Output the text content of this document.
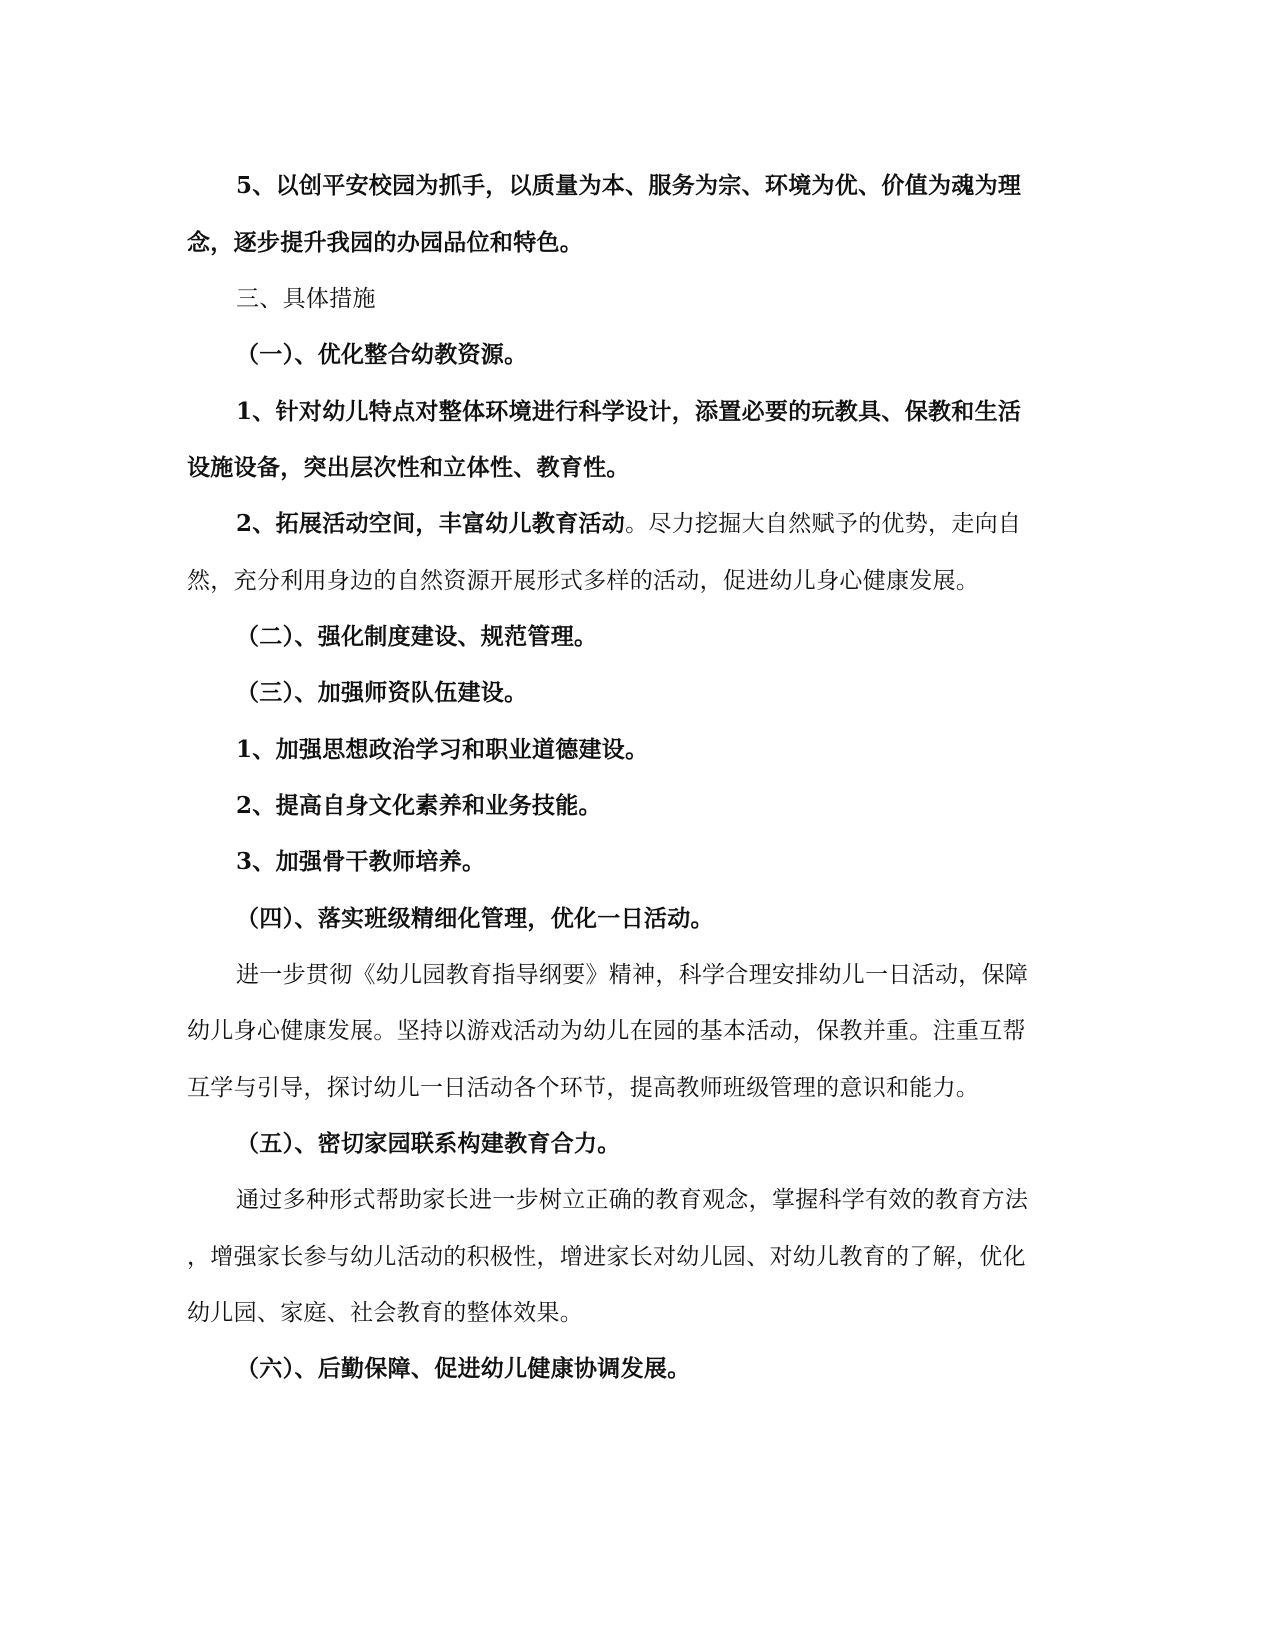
5、以创平安校园为抓手，以质量为本、服务为宗、环境为优、价值为魂为理
念，逐步提升我园的办园品位和特色。
三、具体措施
（一）、优化整合幼教资源。
1、针对幼儿特点对整体环境进行科学设计，添置必要的玩教具、保教和生活
设施设备，突出层次性和立体性、教育性。
2、拓展活动空间，丰富幼儿教育活动。尽力挖掘大自然赋予的优势，走向自
然，充分利用身边的自然资源开展形式多样的活动，促进幼儿身心健康发展。
（二）、强化制度建设、规范管理。
（三）、加强师资队伍建设。
1、加强思想政治学习和职业道德建设。
2、提高自身文化素养和业务技能。
3、加强骨干教师培养。
（四）、落实班级精细化管理，优化一日活动。
进一步贯彻《幼儿园教育指导纲要》精神，科学合理安排幼儿一日活动，保障
幼儿身心健康发展。坚持以游戏活动为幼儿在园的基本活动，保教并重。注重互帮
互学与引导，探讨幼儿一日活动各个环节，提高教师班级管理的意识和能力。
（五）、密切家园联系构建教育合力。
通过多种形式帮助家长进一步树立正确的教育观念，掌握科学有效的教育方法
，增强家长参与幼儿活动的积极性，增进家长对幼儿园、对幼儿教育的了解，优化
幼儿园、家庭、社会教育的整体效果。
（六）、后勤保障、促进幼儿健康协调发展。
